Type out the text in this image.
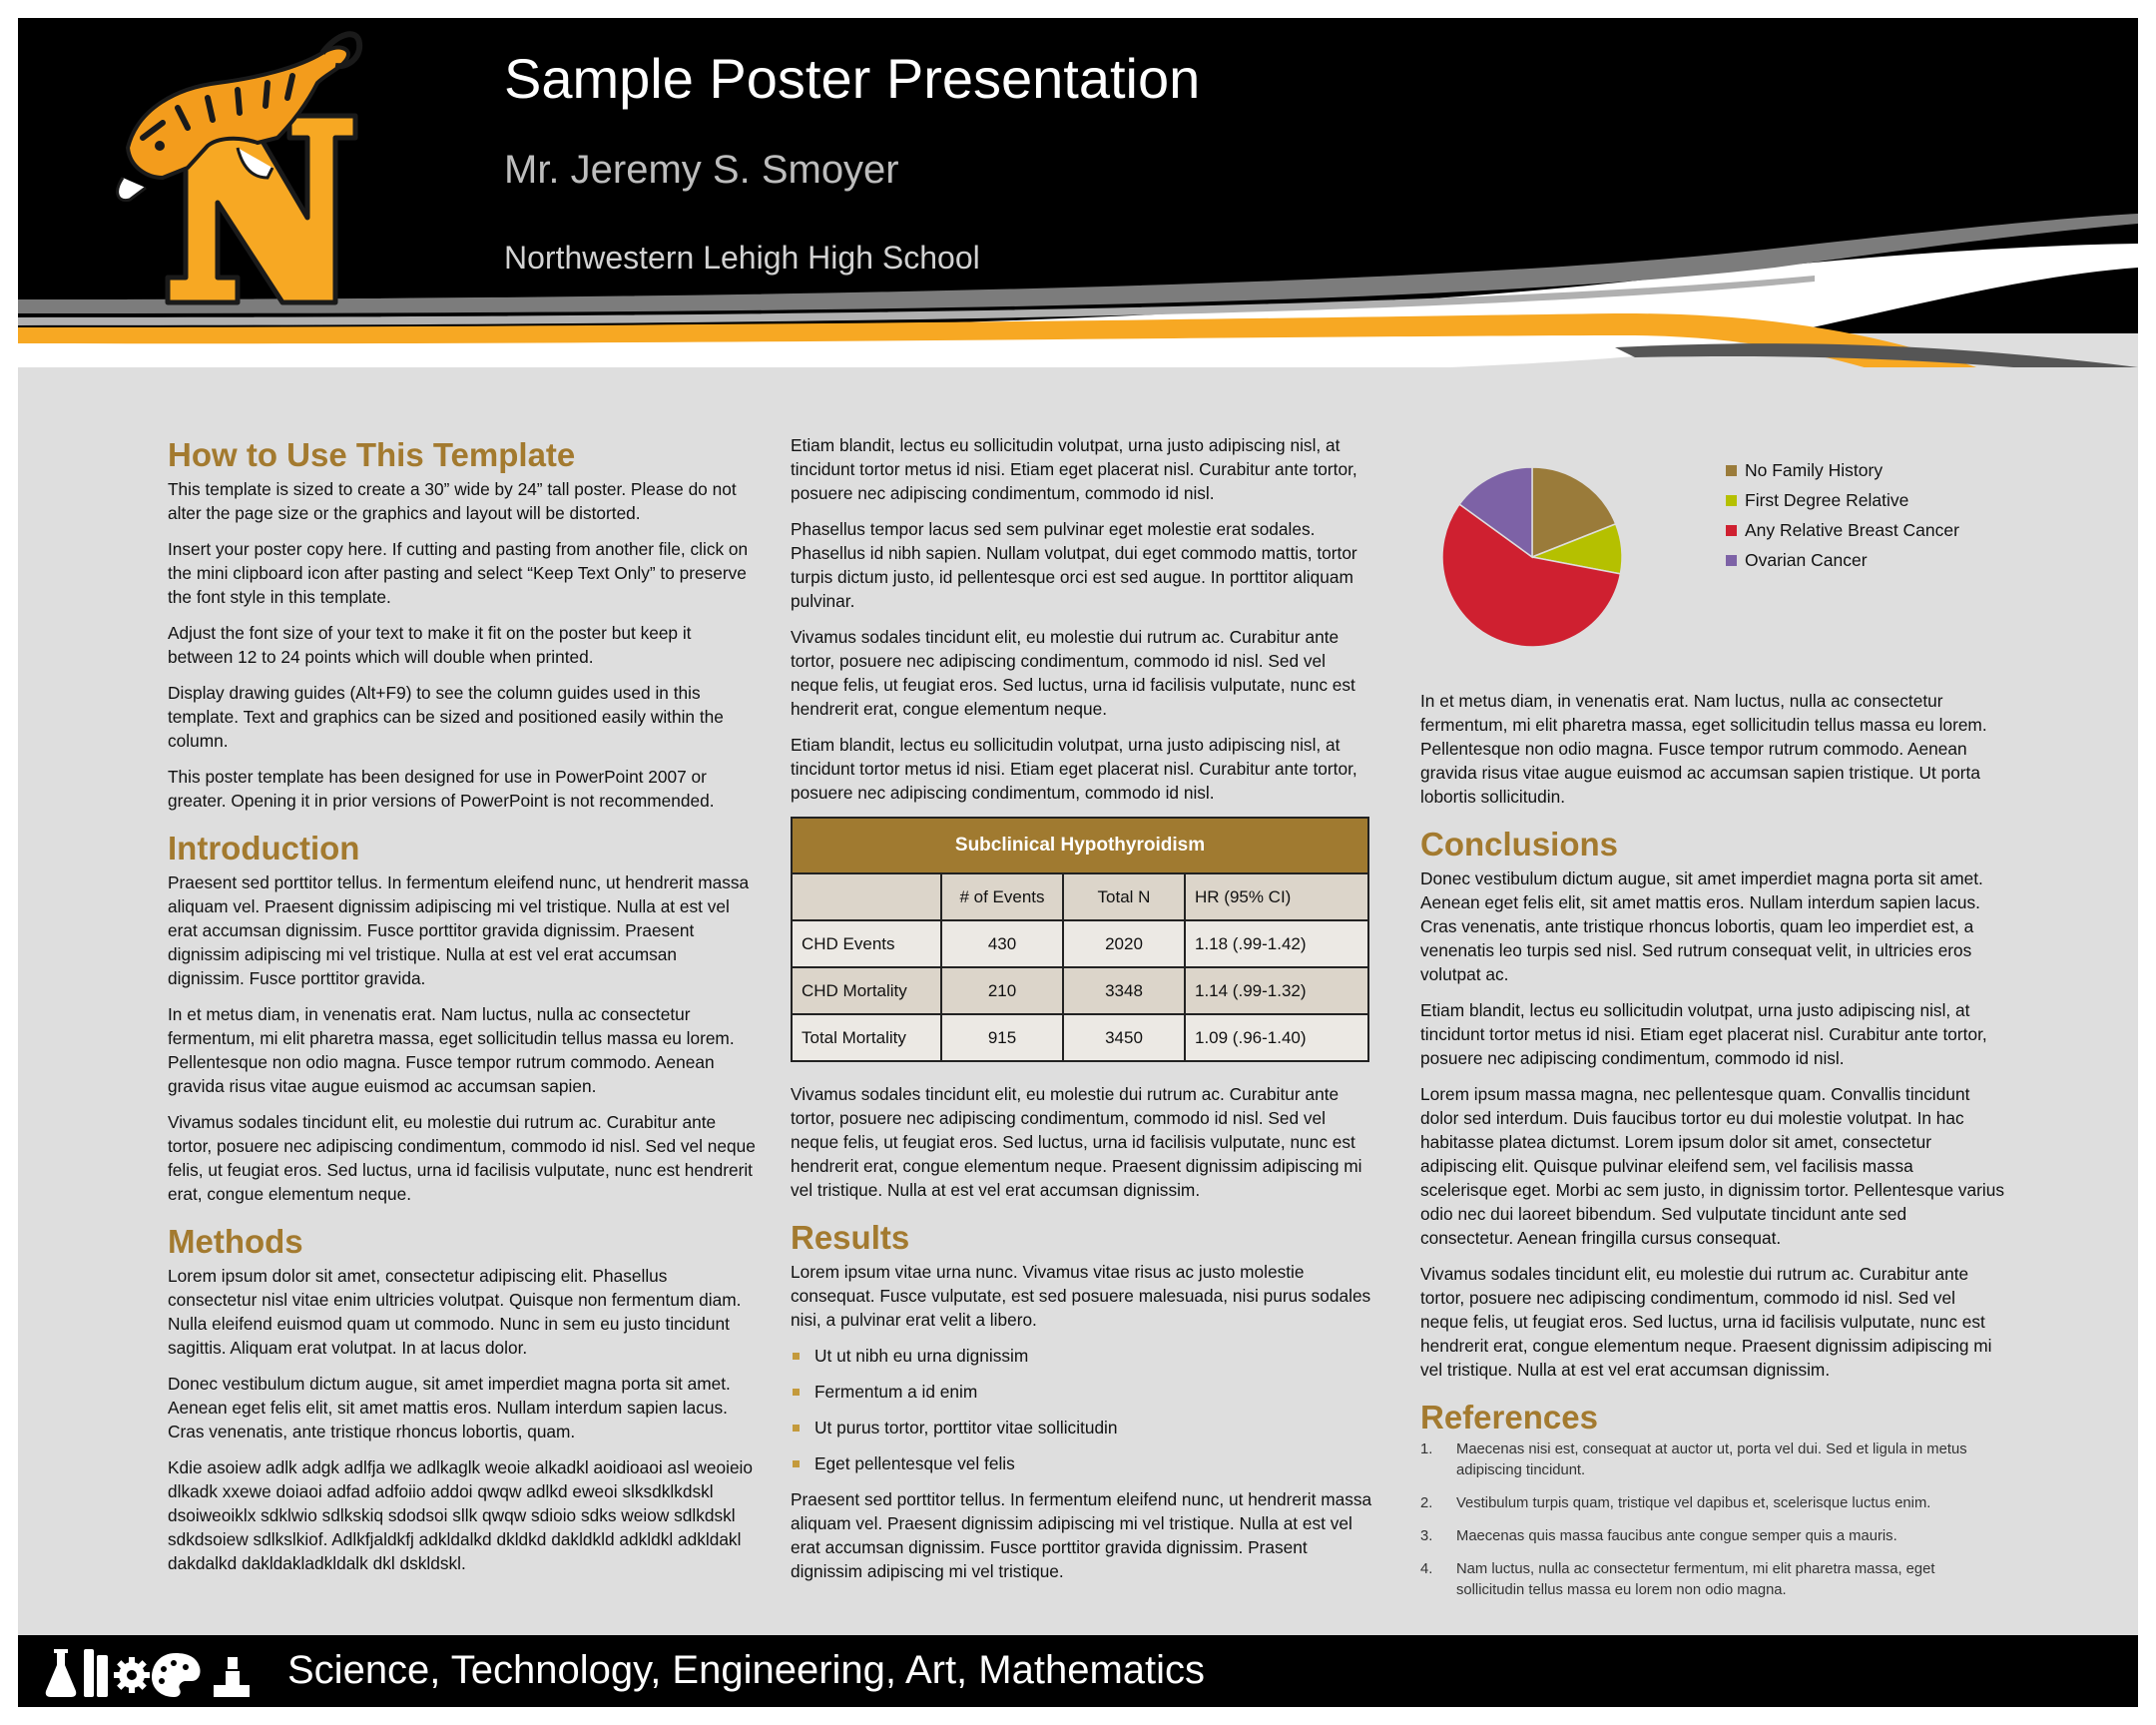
Sample Poster Presentation
Mr. Jeremy S. Smoyer
Northwestern Lehigh High School
How to Use This Template

This template is sized to create a 30” wide by 24” tall poster. Please do not alter the page size or the graphics and layout will be distorted.

Insert your poster copy here. If cutting and pasting from another file, click on the mini clipboard icon after pasting and select “Keep Text Only” to preserve the font style in this template.

Adjust the font size of your text to make it fit on the poster but keep it between 12 to 24 points which will double when printed.

Display drawing guides (Alt+F9) to see the column guides used in this template. Text and graphics can be sized and positioned easily within the column.

This poster template has been designed for use in PowerPoint 2007 or greater. Opening it in prior versions of PowerPoint is not recommended.

Introduction

Praesent sed porttitor tellus. In fermentum eleifend nunc, ut hendrerit massa aliquam vel. Praesent dignissim adipiscing mi vel tristique. Nulla at est vel erat accumsan dignissim. Fusce porttitor gravida dignissim. Praesent dignissim adipiscing mi vel tristique. Nulla at est vel erat accumsan dignissim. Fusce porttitor gravida.

In et metus diam, in venenatis erat. Nam luctus, nulla ac consectetur fermentum, mi elit pharetra massa, eget sollicitudin tellus massa eu lorem. Pellentesque non odio magna. Fusce tempor rutrum commodo. Aenean gravida risus vitae augue euismod ac accumsan sapien.

Vivamus sodales tincidunt elit, eu molestie dui rutrum ac. Curabitur ante tortor, posuere nec adipiscing condimentum, commodo id nisl. Sed vel neque felis, ut feugiat eros. Sed luctus, urna id facilisis vulputate, nunc est hendrerit erat, congue elementum neque.

Methods

Lorem ipsum dolor sit amet, consectetur adipiscing elit. Phasellus consectetur nisl vitae enim ultricies volutpat. Quisque non fermentum diam. Nulla eleifend euismod quam ut commodo. Nunc in sem eu justo tincidunt sagittis. Aliquam erat volutpat. In at lacus dolor.

Donec vestibulum dictum augue, sit amet imperdiet magna porta sit amet. Aenean eget felis elit, sit amet mattis eros. Nullam interdum sapien lacus. Cras venenatis, ante tristique rhoncus lobortis, quam.

Kdie asoiew adlk adgk adlfja we adlkaglk weoie alkadkl aoidioaoi asl weoieio dlkadk xxewe doiaoi adfad adfoiio addoi qwqw adlkd eweoi slksdklkdskl dsoiweoiklx sdklwio sdlkskiq sdodsoi sllk qwqw sdioio sdks weiow sdlkdskl sdkdsoiew sdlkslkiof. Adlkfjaldkfj adkldalkd dkldkd dakldkld adkldkl adkldakl dakdalkd dakldakladkldalk dkl dskldskl.

Etiam blandit, lectus eu sollicitudin volutpat, urna justo adipiscing nisl, at tincidunt tortor metus id nisi. Etiam eget placerat nisl. Curabitur ante tortor, posuere nec adipiscing condimentum, commodo id nisl.

Phasellus tempor lacus sed sem pulvinar eget molestie erat sodales. Phasellus id nibh sapien. Nullam volutpat, dui eget commodo mattis, tortor turpis dictum justo, id pellentesque orci est sed augue. In porttitor aliquam pulvinar.

Vivamus sodales tincidunt elit, eu molestie dui rutrum ac. Curabitur ante tortor, posuere nec adipiscing condimentum, commodo id nisl. Sed vel neque felis, ut feugiat eros. Sed luctus, urna id facilisis vulputate, nunc est hendrerit erat, congue elementum neque.

Etiam blandit, lectus eu sollicitudin volutpat, urna justo adipiscing nisl, at tincidunt tortor metus id nisi. Etiam eget placerat nisl. Curabitur ante tortor, posuere nec adipiscing condimentum, commodo id nisl.

Subclinical Hypothyroidism			
	# of Events	Total N	HR (95% CI)
CHD Events	430	2020	1.18 (.99-1.42)
CHD Mortality	210	3348	1.14 (.99-1.32)
Total Mortality	915	3450	1.09 (.96-1.40)

Vivamus sodales tincidunt elit, eu molestie dui rutrum ac. Curabitur ante tortor, posuere nec adipiscing condimentum, commodo id nisl. Sed vel neque felis, ut feugiat eros. Sed luctus, urna id facilisis vulputate, nunc est hendrerit erat, congue elementum neque. Praesent dignissim adipiscing mi vel tristique. Nulla at est vel erat accumsan dignissim.

Results

Lorem ipsum vitae urna nunc. Vivamus vitae risus ac justo molestie consequat. Fusce vulputate, est sed posuere malesuada, nisi purus sodales nisi, a pulvinar erat velit a libero.

Ut ut nibh eu urna dignissim
Fermentum a id enim
Ut purus tortor, porttitor vitae sollicitudin
Eget pellentesque vel felis

Praesent sed porttitor tellus. In fermentum eleifend nunc, ut hendrerit massa aliquam vel. Praesent dignissim adipiscing mi vel tristique. Nulla at est vel erat accumsan dignissim. Fusce porttitor gravida dignissim. Prasent dignissim adipiscing mi vel tristique.

No Family History
First Degree Relative
Any Relative Breast Cancer
Ovarian Cancer

In et metus diam, in venenatis erat. Nam luctus, nulla ac consectetur fermentum, mi elit pharetra massa, eget sollicitudin tellus massa eu lorem. Pellentesque non odio magna. Fusce tempor rutrum commodo. Aenean gravida risus vitae augue euismod ac accumsan sapien tristique. Ut porta lobortis sollicitudin.

Conclusions

Donec vestibulum dictum augue, sit amet imperdiet magna porta sit amet. Aenean eget felis elit, sit amet mattis eros. Nullam interdum sapien lacus. Cras venenatis, ante tristique rhoncus lobortis, quam leo imperdiet est, a venenatis leo turpis sed nisl. Sed rutrum consequat velit, in ultricies eros volutpat ac.

Etiam blandit, lectus eu sollicitudin volutpat, urna justo adipiscing nisl, at tincidunt tortor metus id nisi. Etiam eget placerat nisl. Curabitur ante tortor, posuere nec adipiscing condimentum, commodo id nisl.

Lorem ipsum massa magna, nec pellentesque quam. Convallis tincidunt dolor sed interdum. Duis faucibus tortor eu dui molestie volutpat. In hac habitasse platea dictumst. Lorem ipsum dolor sit amet, consectetur adipiscing elit. Quisque pulvinar eleifend sem, vel facilisis massa scelerisque eget. Morbi ac sem justo, in dignissim tortor. Pellentesque varius odio nec dui laoreet bibendum. Sed vulputate tincidunt ante sed consectetur. Aenean fringilla cursus consequat.

Vivamus sodales tincidunt elit, eu molestie dui rutrum ac. Curabitur ante tortor, posuere nec adipiscing condimentum, commodo id nisl. Sed vel neque felis, ut feugiat eros. Sed luctus, urna id facilisis vulputate, nunc est hendrerit erat, congue elementum neque. Praesent dignissim adipiscing mi vel tristique. Nulla at est vel erat accumsan dignissim.

References
1. Maecenas nisi est, consequat at auctor ut, porta vel dui. Sed et ligula in metus adipiscing tincidunt.
2. Vestibulum turpis quam, tristique vel dapibus et, scelerisque luctus enim.
3. Maecenas quis massa faucibus ante congue semper quis a mauris.
4. Nam luctus, nulla ac consectetur fermentum, mi elit pharetra massa, eget sollicitudin tellus massa eu lorem non odio magna.
Science, Technology, Engineering, Art, Mathematics
